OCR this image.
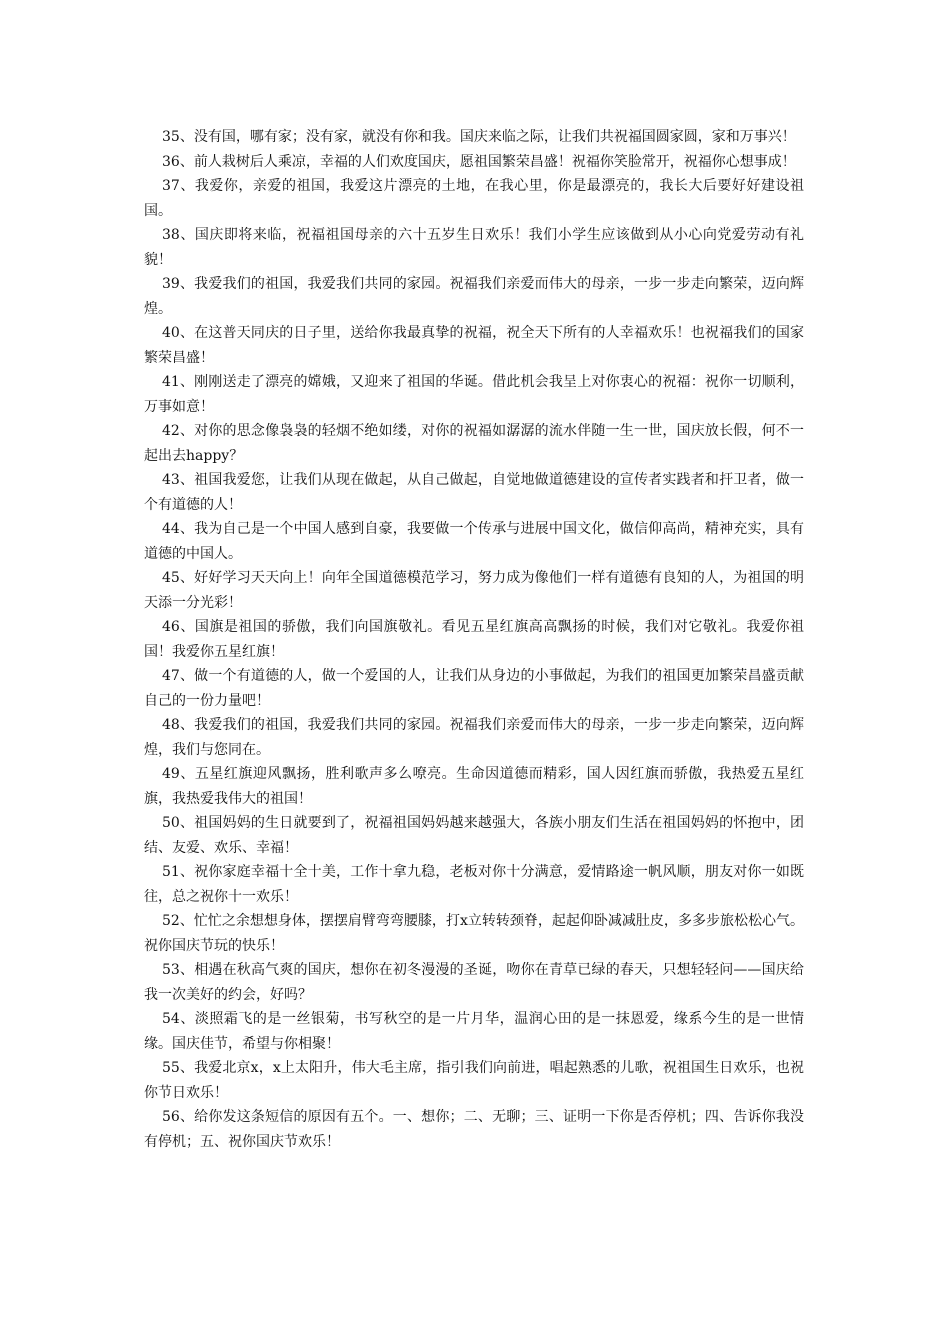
35、没有国，哪有家；没有家，就没有你和我。国庆来临之际，让我们共祝福国圆家圆，家和万事兴！

36、前人栽树后人乘凉，幸福的人们欢度国庆，愿祖国繁荣昌盛！祝福你笑脸常开，祝福你心想事成！

37、我爱你，亲爱的祖国，我爱这片漂亮的土地，在我心里，你是最漂亮的，我长大后要好好建设祖国。

38、国庆即将来临，祝福祖国母亲的六十五岁生日欢乐！我们小学生应该做到从小心向党爱劳动有礼貌！

39、我爱我们的祖国，我爱我们共同的家园。祝福我们亲爱而伟大的母亲，一步一步走向繁荣，迈向辉煌。

40、在这普天同庆的日子里，送给你我最真挚的祝福，祝全天下所有的人幸福欢乐！也祝福我们的国家繁荣昌盛！

41、刚刚送走了漂亮的嫦娥，又迎来了祖国的华诞。借此机会我呈上对你衷心的祝福：祝你一切顺利，万事如意！

42、对你的思念像袅袅的轻烟不绝如缕，对你的祝福如潺潺的流水伴随一生一世，国庆放长假，何不一起出去happy？

43、祖国我爱您，让我们从现在做起，从自己做起，自觉地做道德建设的宣传者实践者和扞卫者，做一个有道德的人！

44、我为自己是一个中国人感到自豪，我要做一个传承与进展中国文化，做信仰高尚，精神充实，具有道德的中国人。

45、好好学习天天向上！向年全国道德模范学习，努力成为像他们一样有道德有良知的人，为祖国的明天添一分光彩！

46、国旗是祖国的骄傲，我们向国旗敬礼。看见五星红旗高高飘扬的时候，我们对它敬礼。我爱你祖国！我爱你五星红旗！

47、做一个有道德的人，做一个爱国的人，让我们从身边的小事做起，为我们的祖国更加繁荣昌盛贡献自己的一份力量吧！

48、我爱我们的祖国，我爱我们共同的家园。祝福我们亲爱而伟大的母亲，一步一步走向繁荣，迈向辉煌，我们与您同在。

49、五星红旗迎风飘扬，胜利歌声多么嘹亮。生命因道德而精彩，国人因红旗而骄傲，我热爱五星红旗，我热爱我伟大的祖国！

50、祖国妈妈的生日就要到了，祝福祖国妈妈越来越强大，各族小朋友们生活在祖国妈妈的怀抱中，团结、友爱、欢乐、幸福！

51、祝你家庭幸福十全十美，工作十拿九稳，老板对你十分满意，爱情路途一帆风顺，朋友对你一如既往，总之祝你十一欢乐！

52、忙忙之余想想身体，摆摆肩臂弯弯腰膝，打x立转转颈脊，起起仰卧减减肚皮，多多步旅松松心气。祝你国庆节玩的快乐！

53、相遇在秋高气爽的国庆，想你在初冬漫漫的圣诞，吻你在青草已绿的春天，只想轻轻问——国庆给我一次美好的约会，好吗？

54、淡照霜飞的是一丝银菊，书写秋空的是一片月华，温润心田的是一抹恩爱，缘系今生的是一世情缘。国庆佳节，希望与你相聚！

55、我爱北京x，x上太阳升，伟大毛主席，指引我们向前进，唱起熟悉的儿歌，祝祖国生日欢乐，也祝你节日欢乐！

56、给你发这条短信的原因有五个。一、想你；二、无聊；三、证明一下你是否停机；四、告诉你我没有停机；五、祝你国庆节欢乐！
